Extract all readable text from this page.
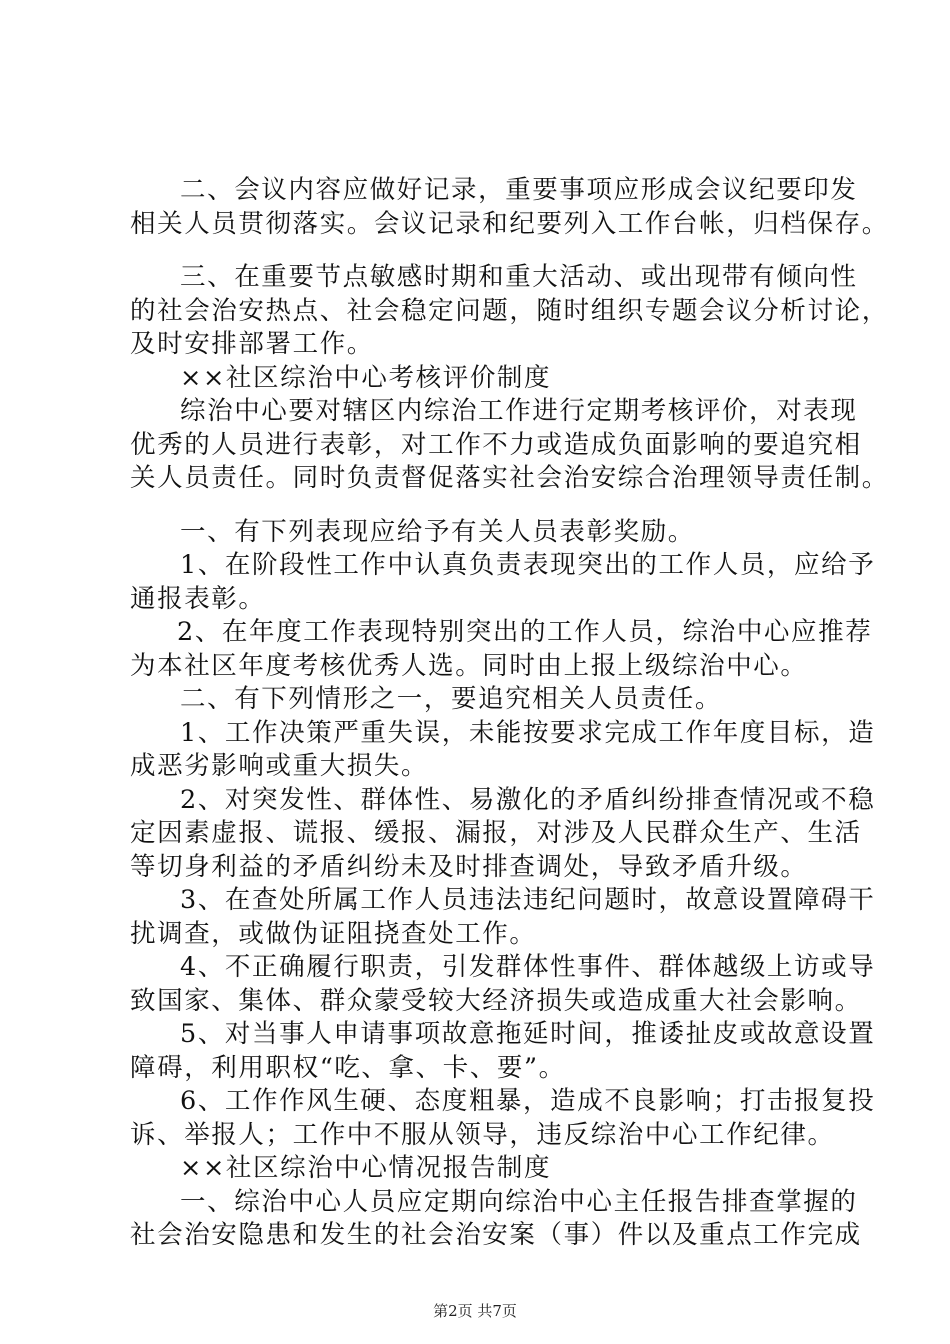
二、会议内容应做好记录，重要事项应形成会议纪要印发
相关人员贯彻落实。会议记录和纪要列入工作台帐，归档保存。
三、在重要节点敏感时期和重大活动、或出现带有倾向性
的社会治安热点、社会稳定问题，随时组织专题会议分析讨论，
及时安排部署工作。
××社区综治中心考核评价制度
综治中心要对辖区内综治工作进行定期考核评价，对表现
优秀的人员进行表彰，对工作不力或造成负面影响的要追究相
关人员责任。同时负责督促落实社会治安综合治理领导责任制。
一、有下列表现应给予有关人员表彰奖励。
1、在阶段性工作中认真负责表现突出的工作人员，应给予
通报表彰。
2、在年度工作表现特别突出的工作人员，综治中心应推荐
为本社区年度考核优秀人选。同时由上报上级综治中心。
二、有下列情形之一，要追究相关人员责任。
1、工作决策严重失误，未能按要求完成工作年度目标，造
成恶劣影响或重大损失。
2、对突发性、群体性、易激化的矛盾纠纷排查情况或不稳
定因素虚报、谎报、缓报、漏报，对涉及人民群众生产、生活
等切身利益的矛盾纠纷未及时排查调处，导致矛盾升级。
3、在查处所属工作人员违法违纪问题时，故意设置障碍干
扰调查，或做伪证阻挠查处工作。
4、不正确履行职责，引发群体性事件、群体越级上访或导
致国家、集体、群众蒙受较大经济损失或造成重大社会影响。
5、对当事人申请事项故意拖延时间，推诿扯皮或故意设置
障碍，利用职权“吃、拿、卡、要”。
6、工作作风生硬、态度粗暴，造成不良影响；打击报复投
诉、举报人；工作中不服从领导，违反综治中心工作纪律。
××社区综治中心情况报告制度
一、综治中心人员应定期向综治中心主任报告排查掌握的
社会治安隐患和发生的社会治安案（事）件以及重点工作完成
第2页 共7页
